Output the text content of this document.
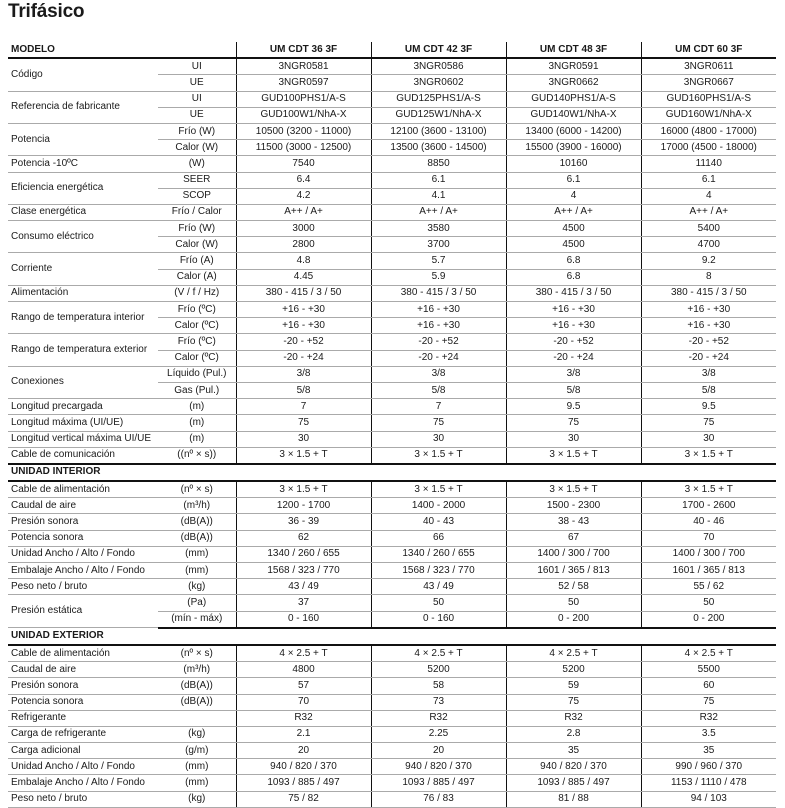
Trifásico
MODELO		UM CDT 36 3F	UM CDT 42 3F	UM CDT 48 3F	UM CDT 60 3F
Código	UI	3NGR0581	3NGR0586	3NGR0591	3NGR0611
	UE	3NGR0597	3NGR0602	3NGR0662	3NGR0667
Referencia de fabricante	UI	GUD100PHS1/A-S	GUD125PHS1/A-S	GUD140PHS1/A-S	GUD160PHS1/A-S
	UE	GUD100W1/NhA-X	GUD125W1/NhA-X	GUD140W1/NhA-X	GUD160W1/NhA-X
Potencia	Frío (W)	10500 (3200 - 11000)	12100 (3600 - 13100)	13400 (6000 - 14200)	16000 (4800 - 17000)
	Calor (W)	11500 (3000 - 12500)	13500 (3600 - 14500)	15500 (3900 - 16000)	17000 (4500 - 18000)
Potencia -10ºC	(W)	7540	8850	10160	11140
Eficiencia energética	SEER	6.4	6.1	6.1	6.1
	SCOP	4.2	4.1	4	4
Clase energética	Frío / Calor	A++ / A+	A++ / A+	A++ / A+	A++ / A+
Consumo eléctrico	Frío (W)	3000	3580	4500	5400
	Calor (W)	2800	3700	4500	4700
Corriente	Frío (A)	4.8	5.7	6.8	9.2
	Calor (A)	4.45	5.9	6.8	8
Alimentación	(V / f / Hz)	380 - 415 / 3 / 50	380 - 415 / 3 / 50	380 - 415 / 3 / 50	380 - 415 / 3 / 50
Rango de temperatura interior	Frío (ºC)	+16 - +30	+16 - +30	+16 - +30	+16 - +30
	Calor (ºC)	+16 - +30	+16 - +30	+16 - +30	+16 - +30
Rango de temperatura exterior	Frío (ºC)	-20 - +52	-20 - +52	-20 - +52	-20 - +52
	Calor (ºC)	-20 - +24	-20 - +24	-20 - +24	-20 - +24
Conexiones	Líquido (Pul.)	3/8	3/8	3/8	3/8
	Gas (Pul.)	5/8	5/8	5/8	5/8
Longitud precargada	(m)	7	7	9.5	9.5
Longitud máxima (UI/UE)	(m)	75	75	75	75
Longitud vertical máxima UI/UE	(m)	30	30	30	30
Cable de comunicación	((nº × s))	3 × 1.5 + T	3 × 1.5 + T	3 × 1.5 + T	3 × 1.5 + T
UNIDAD INTERIOR					
Cable de alimentación	(nº × s)	3 × 1.5 + T	3 × 1.5 + T	3 × 1.5 + T	3 × 1.5 + T
Caudal de aire	(m³/h)	1200 - 1700	1400 - 2000	1500 - 2300	1700 - 2600
Presión sonora	(dB(A))	36 - 39	40 - 43	38 - 43	40 - 46
Potencia sonora	(dB(A))	62	66	67	70
Unidad Ancho / Alto / Fondo	(mm)	1340 / 260 / 655	1340 / 260 / 655	1400 / 300 / 700	1400 / 300 / 700
Embalaje Ancho / Alto / Fondo	(mm)	1568 / 323 / 770	1568 / 323 / 770	1601 / 365 / 813	1601 / 365 / 813
Peso neto / bruto	(kg)	43 / 49	43 / 49	52 / 58	55 / 62
Presión estática	(Pa)	37	50	50	50
	(mín - máx)	0 - 160	0 - 160	0 - 200	0 - 200
UNIDAD EXTERIOR					
Cable de alimentación	(nº × s)	4 × 2.5 + T	4 × 2.5 + T	4 × 2.5 + T	4 × 2.5 + T
Caudal de aire	(m³/h)	4800	5200	5200	5500
Presión sonora	(dB(A))	57	58	59	60
Potencia sonora	(dB(A))	70	73	75	75
Refrigerante		R32	R32	R32	R32
Carga de refrigerante	(kg)	2.1	2.25	2.8	3.5
Carga adicional	(g/m)	20	20	35	35
Unidad Ancho / Alto / Fondo	(mm)	940 / 820 / 370	940 / 820 / 370	940 / 820 / 370	990 / 960 / 370
Embalaje Ancho / Alto / Fondo	(mm)	1093 / 885 / 497	1093 / 885 / 497	1093 / 885 / 497	1153 / 1110 / 478
Peso neto / bruto	(kg)	75 / 82	76 / 83	81 / 88	94 / 103
